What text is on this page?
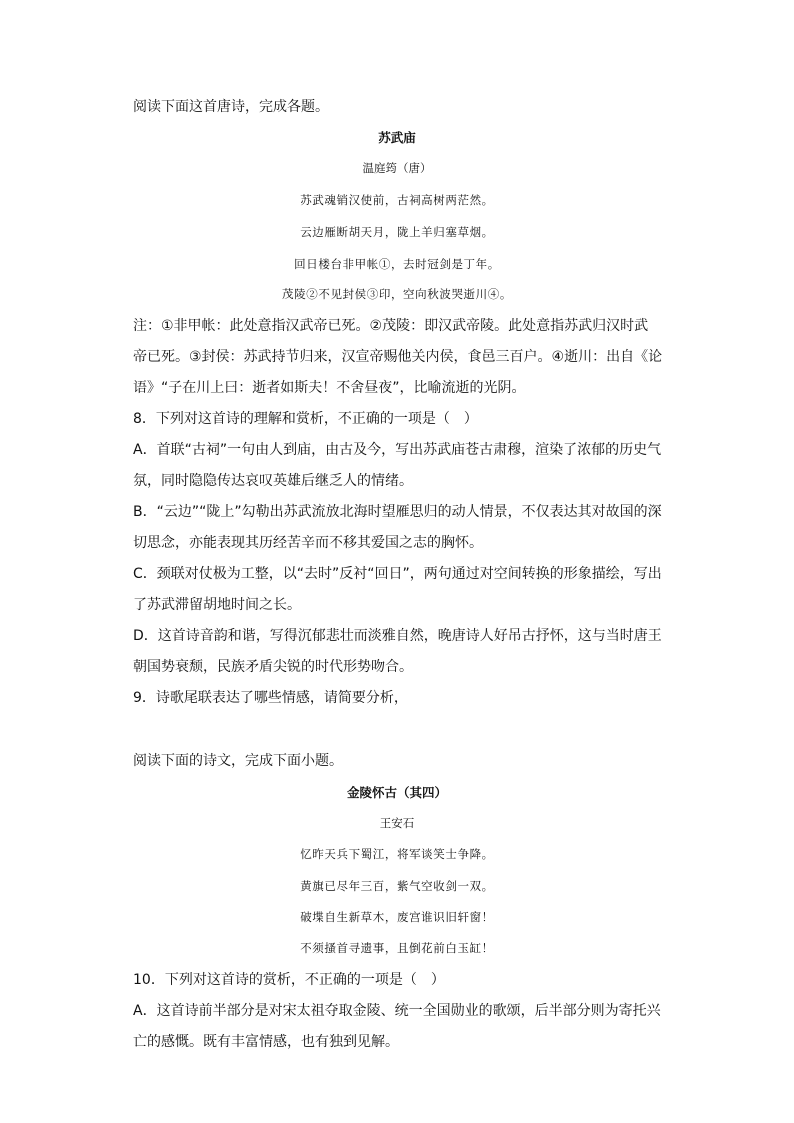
阅读下面这首唐诗，完成各题。
苏武庙
温庭筠（唐）
苏武魂销汉使前，古祠高树两茫然。
云边雁断胡天月，陇上羊归塞草烟。
回日楼台非甲帐①，去时冠剑是丁年。
茂陵②不见封侯③印，空向秋波哭逝川④。
注：①非甲帐：此处意指汉武帝已死。②茂陵：即汉武帝陵。此处意指苏武归汉时武
帝已死。③封侯：苏武持节归来，汉宣帝赐他关内侯，食邑三百户。④逝川：出自《论
语》“子在川上曰：逝者如斯夫！不舍昼夜”，比喻流逝的光阴。
8．下列对这首诗的理解和赏析，不正确的一项是（　）
A．首联“古祠”一句由人到庙，由古及今，写出苏武庙苍古肃穆，渲染了浓郁的历史气
氛，同时隐隐传达哀叹英雄后继乏人的情绪。
B．“云边”“陇上”勾勒出苏武流放北海时望雁思归的动人情景，不仅表达其对故国的深
切思念，亦能表现其历经苦辛而不移其爱国之志的胸怀。
C．颈联对仗极为工整，以“去时”反衬“回日”，两句通过对空间转换的形象描绘，写出
了苏武滞留胡地时间之长。
D．这首诗音韵和谐，写得沉郁悲壮而淡雅自然，晚唐诗人好吊古抒怀，这与当时唐王
朝国势衰颓，民族矛盾尖锐的时代形势吻合。
9．诗歌尾联表达了哪些情感，请简要分析，
阅读下面的诗文，完成下面小题。
金陵怀古（其四）
王安石
忆昨天兵下蜀江，将军谈笑士争降。
黄旗已尽年三百，紫气空收剑一双。
破堞自生新草木，废宫谁识旧轩窗！
不须搔首寻遗事，且倒花前白玉缸！
10．下列对这首诗的赏析，不正确的一项是（　）
A．这首诗前半部分是对宋太祖夺取金陵、统一全国勋业的歌颂，后半部分则为寄托兴
亡的感慨。既有丰富情感，也有独到见解。
